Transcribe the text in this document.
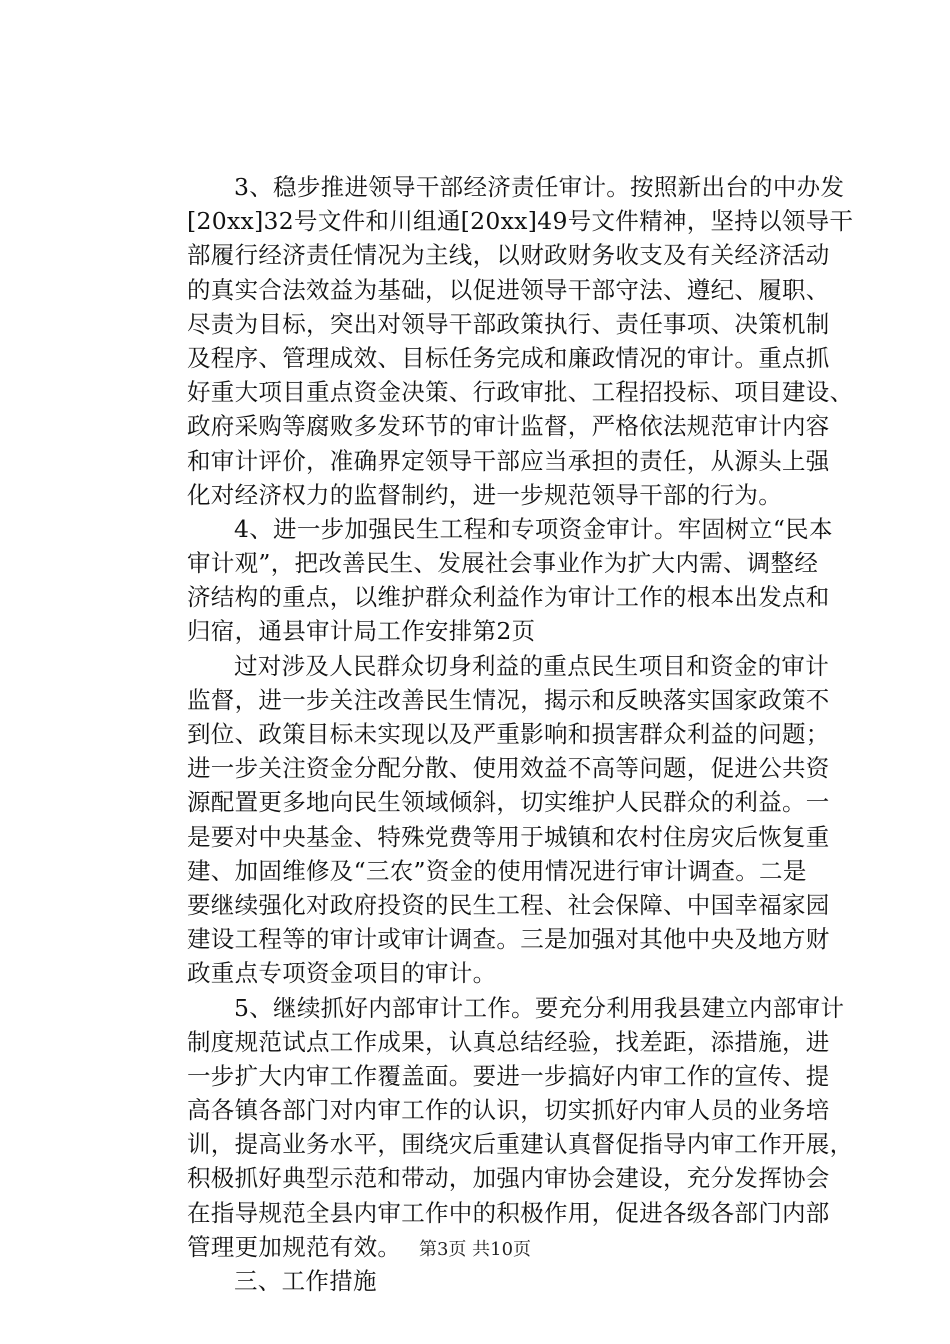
3、稳步推进领导干部经济责任审计。按照新出台的中办发
[20xx]32号文件和川组通[20xx]49号文件精神，坚持以领导干
部履行经济责任情况为主线，以财政财务收支及有关经济活动
的真实合法效益为基础，以促进领导干部守法、遵纪、履职、
尽责为目标，突出对领导干部政策执行、责任事项、决策机制
及程序、管理成效、目标任务完成和廉政情况的审计。重点抓
好重大项目重点资金决策、行政审批、工程招投标、项目建设、
政府采购等腐败多发环节的审计监督，严格依法规范审计内容
和审计评价，准确界定领导干部应当承担的责任，从源头上强
化对经济权力的监督制约，进一步规范领导干部的行为。
4、进一步加强民生工程和专项资金审计。牢固树立“民本
审计观”，把改善民生、发展社会事业作为扩大内需、调整经
济结构的重点，以维护群众利益作为审计工作的根本出发点和
归宿，通县审计局工作安排第2页
过对涉及人民群众切身利益的重点民生项目和资金的审计
监督，进一步关注改善民生情况，揭示和反映落实国家政策不
到位、政策目标未实现以及严重影响和损害群众利益的问题；
进一步关注资金分配分散、使用效益不高等问题，促进公共资
源配置更多地向民生领域倾斜，切实维护人民群众的利益。一
是要对中央基金、特殊党费等用于城镇和农村住房灾后恢复重
建、加固维修及“三农”资金的使用情况进行审计调查。二是
要继续强化对政府投资的民生工程、社会保障、中国幸福家园
建设工程等的审计或审计调查。三是加强对其他中央及地方财
政重点专项资金项目的审计。
5、继续抓好内部审计工作。要充分利用我县建立内部审计
制度规范试点工作成果，认真总结经验，找差距，添措施，进
一步扩大内审工作覆盖面。要进一步搞好内审工作的宣传、提
高各镇各部门对内审工作的认识，切实抓好内审人员的业务培
训，提高业务水平，围绕灾后重建认真督促指导内审工作开展，
积极抓好典型示范和带动，加强内审协会建设，充分发挥协会
在指导规范全县内审工作中的积极作用，促进各级各部门内部
管理更加规范有效。
三、工作措施
第3页 共10页
